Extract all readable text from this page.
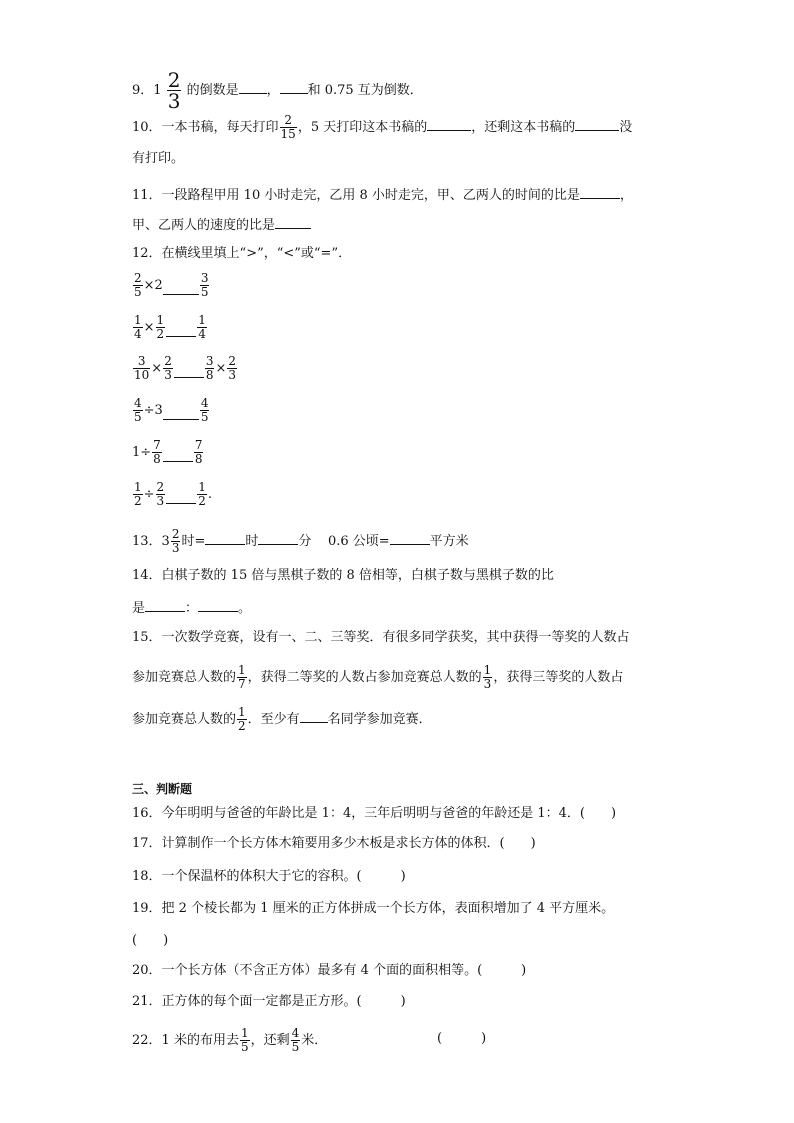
9．$1 \frac{2}{3}$ 的倒数是 ， 和 0.75 互为倒数．
10．一本书稿，每天打印 $\frac{2}{15}$ ，5 天打印这本书稿的	，还剩这本书稿的	没
有打印。
11．一段路程甲用 10 小时走完，乙用 8 小时走完，甲、乙两人的时间的比是	，
甲、乙两人的速度的比是
12．在横线里填上“>”，“<”或“=”．
$\frac{2}{5} \times 2$	$\frac{3}{5}$
$\frac{1}{4} \times \frac{1}{2}$	$\frac{1}{4}$
$\frac{3}{10} \times \frac{2}{3}$	$\frac{3}{8} \times \frac{2}{3}$
$\frac{4}{5} \div 3$	$\frac{4}{5}$
$1\div \frac{7}{8}$	$\frac{7}{8}$
$\frac{1}{2} \div \frac{2}{3}$	$\frac{1}{2}$ .
13．$3 \frac{2}{3}$ 时=	时	分 0.6 公顷=	平方米
14．白棋子数的 15 倍与黑棋子数的 8 倍相等，白棋子数与黑棋子数的比
是	：	。
15．一次数学竞赛，设有一、二、三等奖．有很多同学获奖，其中获得一等奖的人数占
参加竞赛总人数的 $\frac{1}{7}$ ，获得二等奖的人数占参加竞赛总人数的 $\frac{1}{3}$ ，获得三等奖的人数占
参加竞赛总人数的 $\frac{1}{2}$ ．至少有 名同学参加竞赛．
三、判断题
16．今年明明与爸爸的年龄比是 1：4，三年后明明与爸爸的年龄还是 1：4．(　　)
17．计算制作一个长方体木箱要用多少木板是求长方体的体积．(　　)
18．一个保温杯的体积大于它的容积。(　　　)
19．把 2 个棱长都为 1 厘米的正方体拼成一个长方体，表面积增加了 4 平方厘米。
(　　)
20．一个长方体（不含正方体）最多有 4 个面的面积相等。(　　　)
21．正方体的每个面一定都是正方形。(　　　)
22．1 米的布用去 $\frac{1}{5}$ ，还剩 $\frac{4}{5}$ 米．	(　　　)
